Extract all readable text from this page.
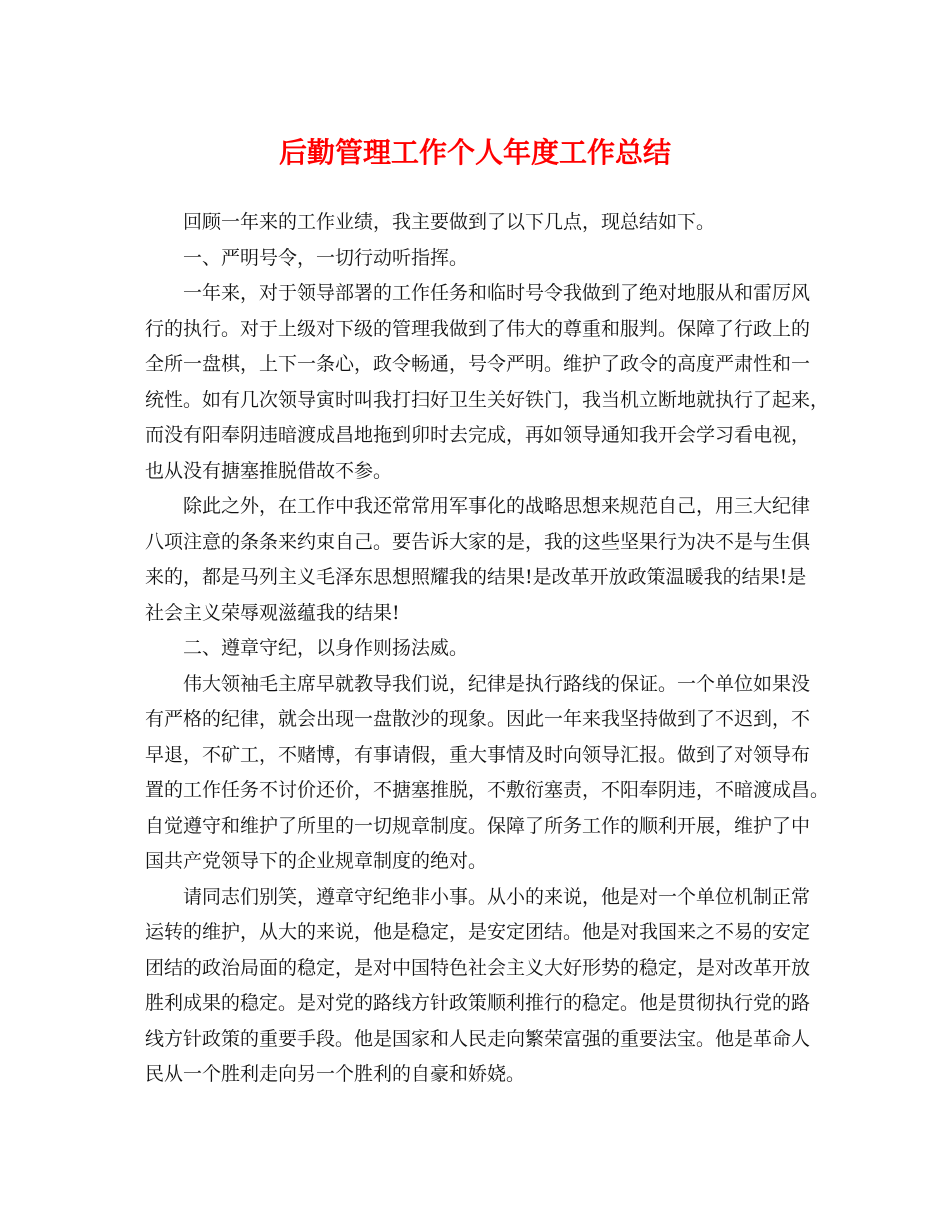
后勤管理工作个人年度工作总结
回顾一年来的工作业绩，我主要做到了以下几点，现总结如下。
一、严明号令，一切行动听指挥。
一年来，对于领导部署的工作任务和临时号令我做到了绝对地服从和雷厉风
行的执行。对于上级对下级的管理我做到了伟大的尊重和服判。保障了行政上的
全所一盘棋，上下一条心，政令畅通，号令严明。维护了政令的高度严肃性和一
统性。如有几次领导寅时叫我打扫好卫生关好铁门，我当机立断地就执行了起来，
而没有阳奉阴违暗渡成昌地拖到卯时去完成，再如领导通知我开会学习看电视，
也从没有搪塞推脱借故不参。
除此之外，在工作中我还常常用军事化的战略思想来规范自己，用三大纪律
八项注意的条条来约束自己。要告诉大家的是，我的这些坚果行为决不是与生俱
来的，都是马列主义毛泽东思想照耀我的结果!是改革开放政策温暖我的结果!是
社会主义荣辱观滋蕴我的结果!
二、遵章守纪，以身作则扬法威。
伟大领袖毛主席早就教导我们说，纪律是执行路线的保证。一个单位如果没
有严格的纪律，就会出现一盘散沙的现象。因此一年来我坚持做到了不迟到，不
早退，不矿工，不赌博，有事请假，重大事情及时向领导汇报。做到了对领导布
置的工作任务不讨价还价，不搪塞推脱，不敷衍塞责，不阳奉阴违，不暗渡成昌。
自觉遵守和维护了所里的一切规章制度。保障了所务工作的顺利开展，维护了中
国共产党领导下的企业规章制度的绝对。
请同志们别笑，遵章守纪绝非小事。从小的来说，他是对一个单位机制正常
运转的维护，从大的来说，他是稳定，是安定团结。他是对我国来之不易的安定
团结的政治局面的稳定，是对中国特色社会主义大好形势的稳定，是对改革开放
胜利成果的稳定。是对党的路线方针政策顺利推行的稳定。他是贯彻执行党的路
线方针政策的重要手段。他是国家和人民走向繁荣富强的重要法宝。他是革命人
民从一个胜利走向另一个胜利的自豪和娇娆。
